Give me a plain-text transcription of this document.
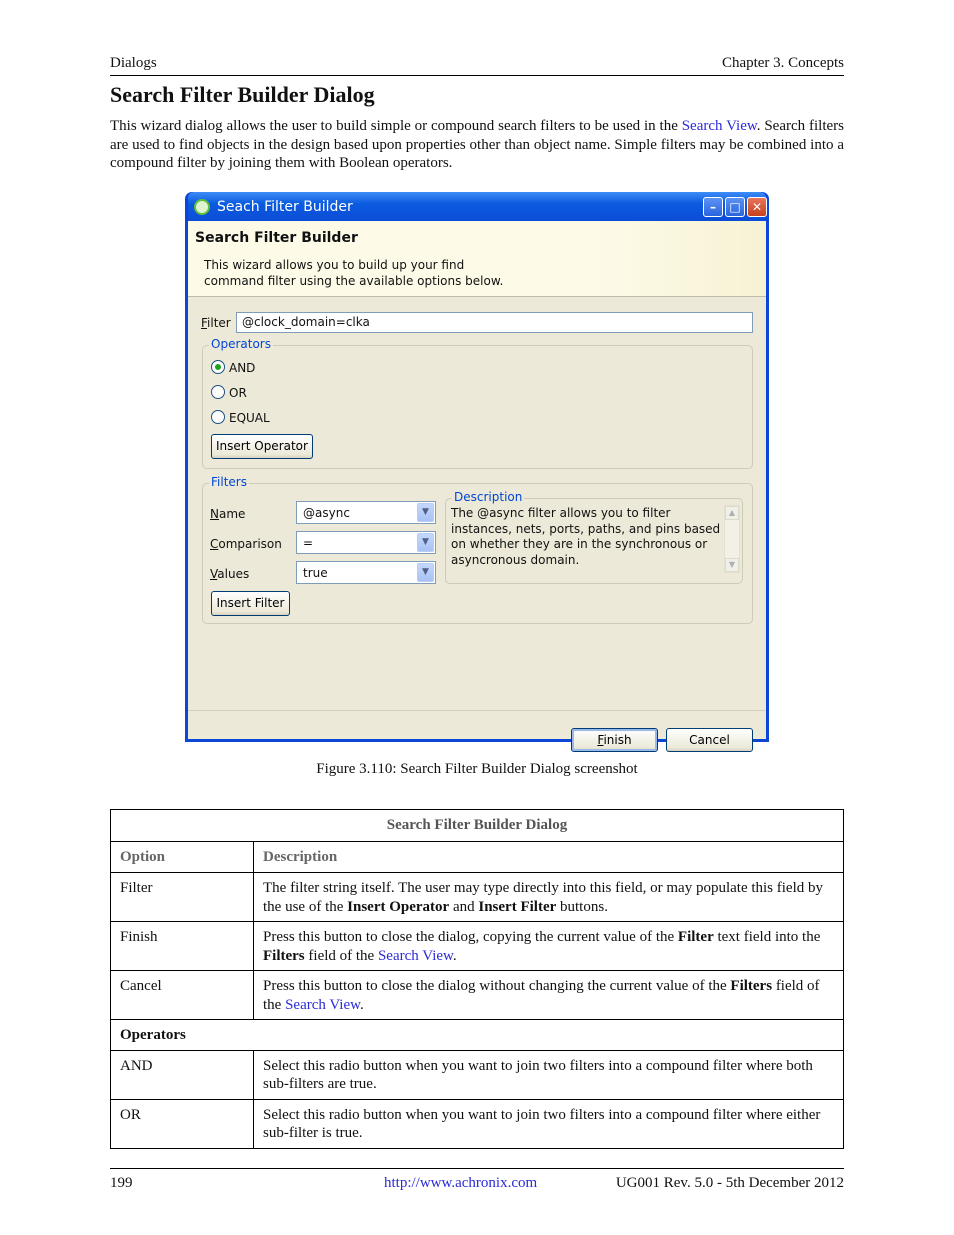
Dialogs	Chapter 3. Concepts
Search Filter Builder Dialog

This wizard dialog allows the user to build simple or compound search filters to be used in the Search View. Search filters are used to find objects in the design based upon properties other than object name. Simple filters may be combined into a compound filter by joining them with Boolean operators.

Seach Filter Builder	–	□ ✕
Search Filter Builder
This wizard allows you to build up your find command filter using the available options below.
Filter @clock_domain=clka
Operators
AND
OR
EQUAL
Insert Operator
Filters
Name	@async	▼
Comparison	=	▼
Values	true	▼
Description
The @async filter allows you to filter instances, nets, ports, paths, and pins based on whether they are in the synchronous or asyncronous domain.
▲
▼
Insert Filter
Finish	Cancel
Figure 3.110: Search Filter Builder Dialog screenshot
Search Filter Builder Dialog	
Option	Description
Filter	The filter string itself. The user may type directly into this field, or may populate this field by the use of the Insert Operator and Insert Filter buttons.
Finish	Press this button to close the dialog, copying the current value of the Filter text field into the Filters field of the Search View.
Cancel	Press this button to close the dialog without changing the current value of the Filters field of the Search View.
Operators	
AND	Select this radio button when you want to join two filters into a compound filter where both sub-filters are true.
OR	Select this radio button when you want to join two filters into a compound filter where either sub-filter is true.
199	http://www.achronix.com	UG001 Rev. 5.0 - 5th December 2012
